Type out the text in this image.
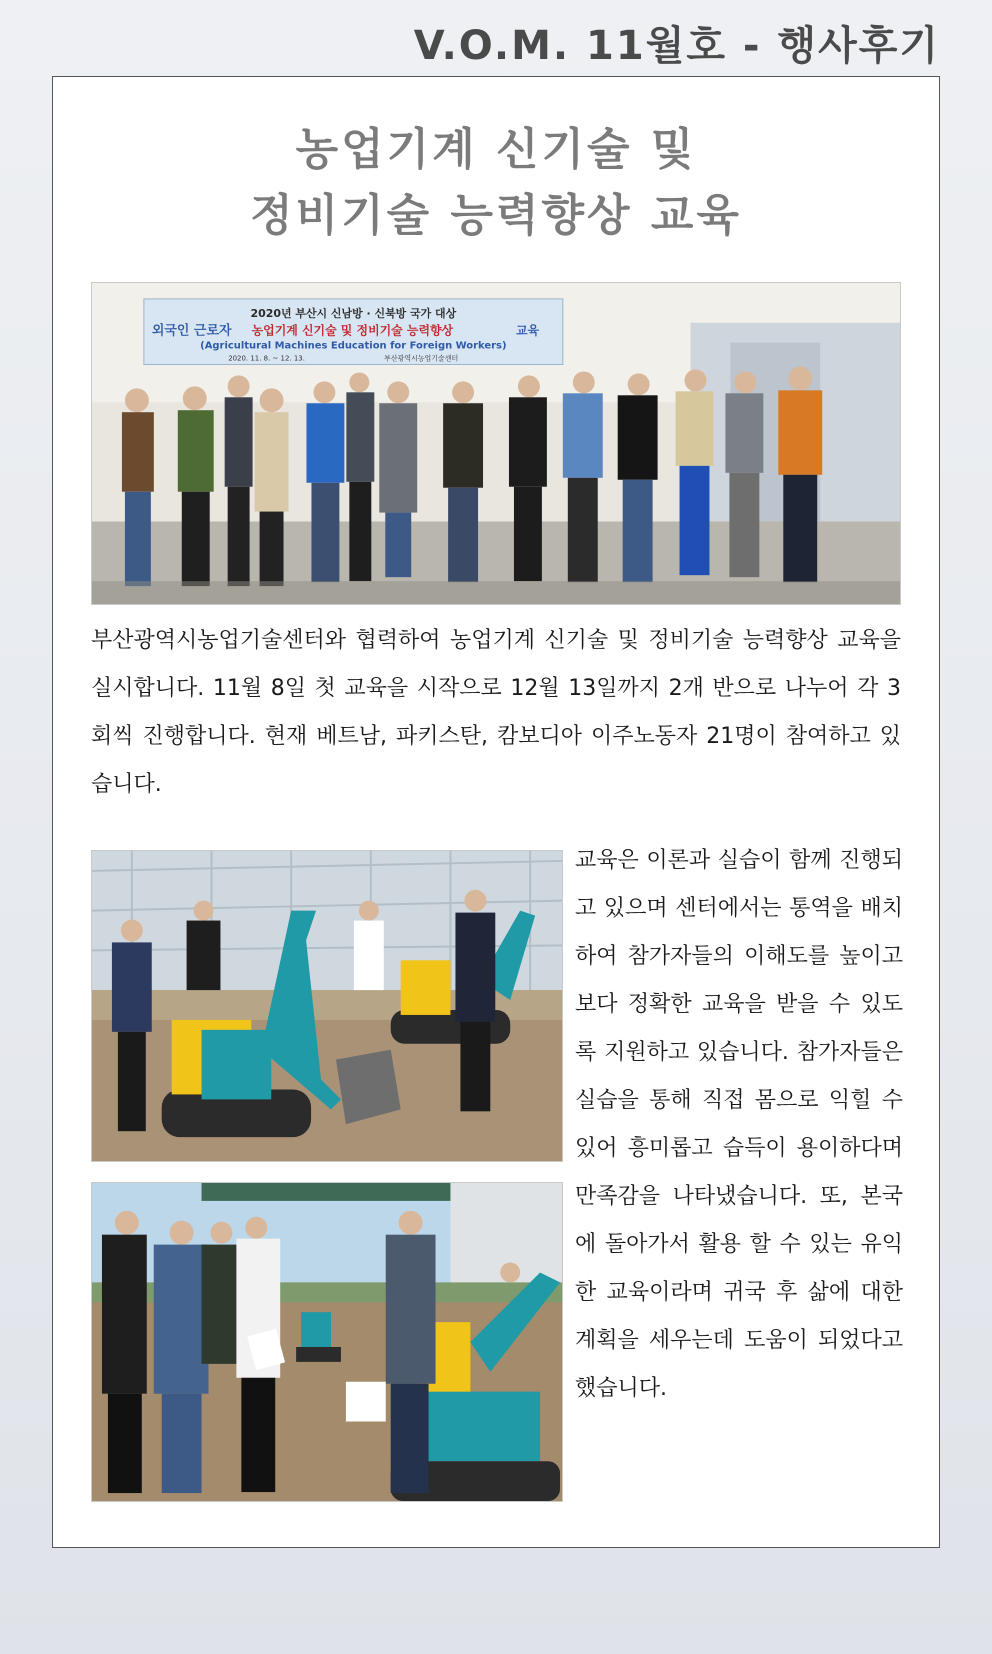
V.O.M. 11월호 - 행사후기
농업기계 신기술 및
정비기술 능력향상 교육
2020년 부산시 신남방 · 신북방 국가 대상
외국인 근로자 농업기계 신기술 및 정비기술 능력향상	교육
(Agricultural Machines Education for Foreign Workers)
2020. 11. 8. ~ 12. 13.	부산광역시농업기술센터
부산광역시농업기술센터와 협력하여 농업기계 신기술 및 정비기술 능력향상 교육을 실시합니다. 11월 8일 첫 교육을 시작으로 12월 13일까지 2개 반으로 나누어 각 3회씩 진행합니다. 현재 베트남, 파키스탄, 캄보디아 이주노동자 21명이 참여하고 있습니다.
교육은 이론과 실습이 함께 진행되고 있으며 센터에서는 통역을 배치하여 참가자들의 이해도를 높이고 보다 정확한 교육을 받을 수 있도록 지원하고 있습니다. 참가자들은 실습을 통해 직접 몸으로 익힐 수 있어 흥미롭고 습득이 용이하다며 만족감을 나타냈습니다. 또, 본국에 돌아가서 활용 할 수 있는 유익한 교육이라며 귀국 후 삶에 대한 계획을 세우는데 도움이 되었다고 했습니다.
